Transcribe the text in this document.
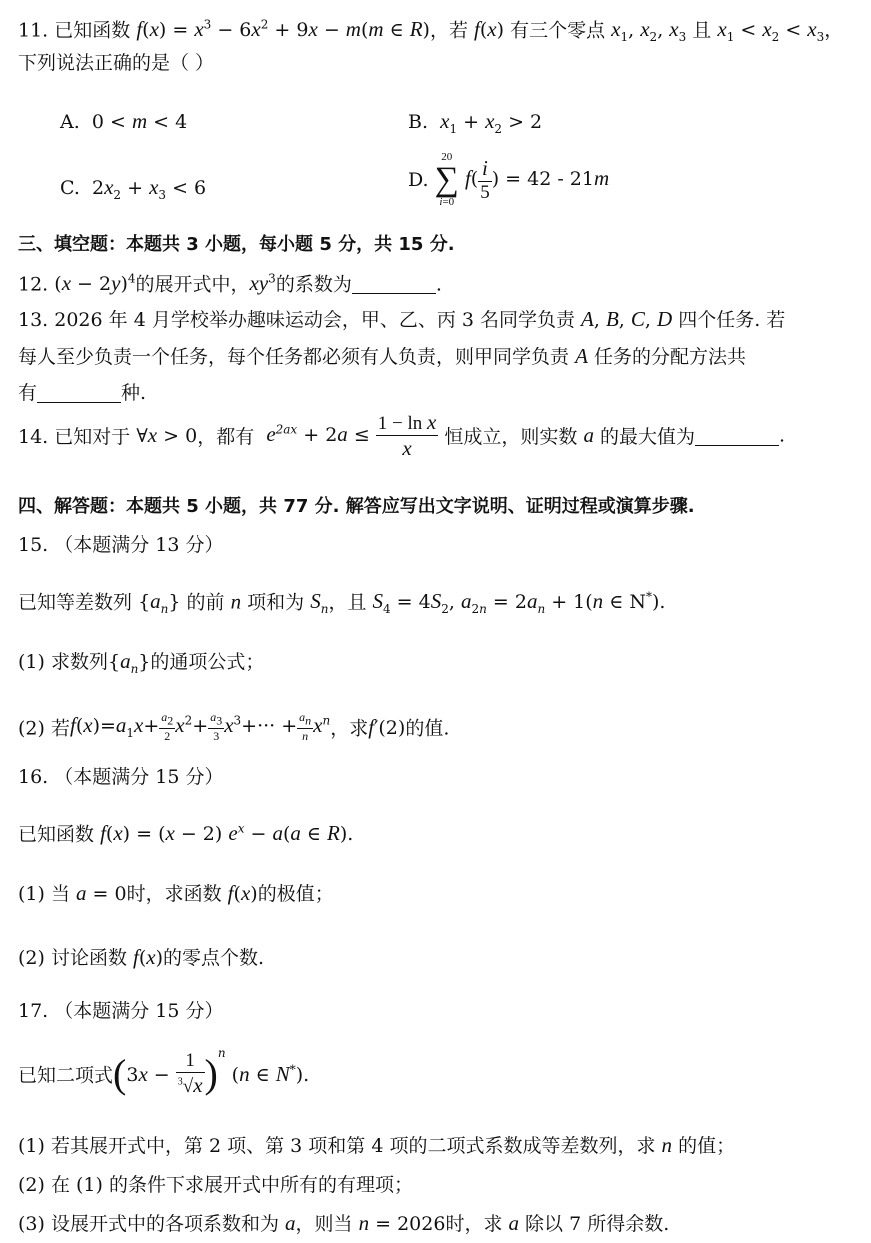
11. 已知函数 $f(x) = x^3 - 6x^2 + 9x - m(m$ ∈ R)，若 f(x) 有三个零点 $x_1$, $x_2$, $x_3$ 且 $x_1 < x_2 < x_3$，
下列说法正确的是（ ）
A. 0 < m < 4	B. $x_1 + x_2 > 2$
C. $2x_2 + x_3 < 6$	D.
20
∑
i=0
$f( \frac{i}{5}$ ) = 42 - 21m
三、填空题：本题共 3 小题，每小题 5 分，共 15 分.
12. $(x - 2y)^4$的展开式中，$xy^3$的系数为	.
13. 2026 年 4 月学校举办趣味运动会，甲、乙、丙 3 名同学负责 A, B, C, D 四个任务. 若
每人至少负责一个任务，每个任务都必须有人负责，则甲同学负责 A 任务的分配方法共
有	种.
14. 已知对于 ∀x > 0，都有 $e^{2ax} + 2a \le \frac{\text{1 − ln x}}{x}$ 恒成立，则实数 a 的最大值为	.
四、解答题：本题共 5 小题，共 77 分. 解答应写出文字说明、证明过程或演算步骤.
15. （本题满分 13 分）
已知等差数列 $\{a_n\}$ 的前 n 项和为 $S_n$，且 $S_4 = 4S_2$, $a_{2n} = 2a_n + 1(n$ ∈ N*).
(1) 求数列$\{a_n\}$的通项公式；
(2) 若$f(x)=a_1x+ \frac{a_2}{2} x^2+ \frac{a_3}{3} x^3+\cdot\cdot\cdot + \frac{a_n}{n} x^n$，求f′(2)的值.
16. （本题满分 15 分）
已知函数 f(x) = (x − 2) $e^x - a(a$ ∈ R).
(1) 当 a = 0时，求函数 f(x)的极值；
(2) 讨论函数 f(x)的零点个数.
17. （本题满分 15 分）
已知二项式$(3x - \frac{1}{^3√x} )^n$ (n ∈ N*).
(1) 若其展开式中，第 2 项、第 3 项和第 4 项的二项式系数成等差数列，求 n 的值；
(2) 在 (1) 的条件下求展开式中所有的有理项；
(3) 设展开式中的各项系数和为 a，则当 n = 2026时，求 a 除以 7 所得余数.
